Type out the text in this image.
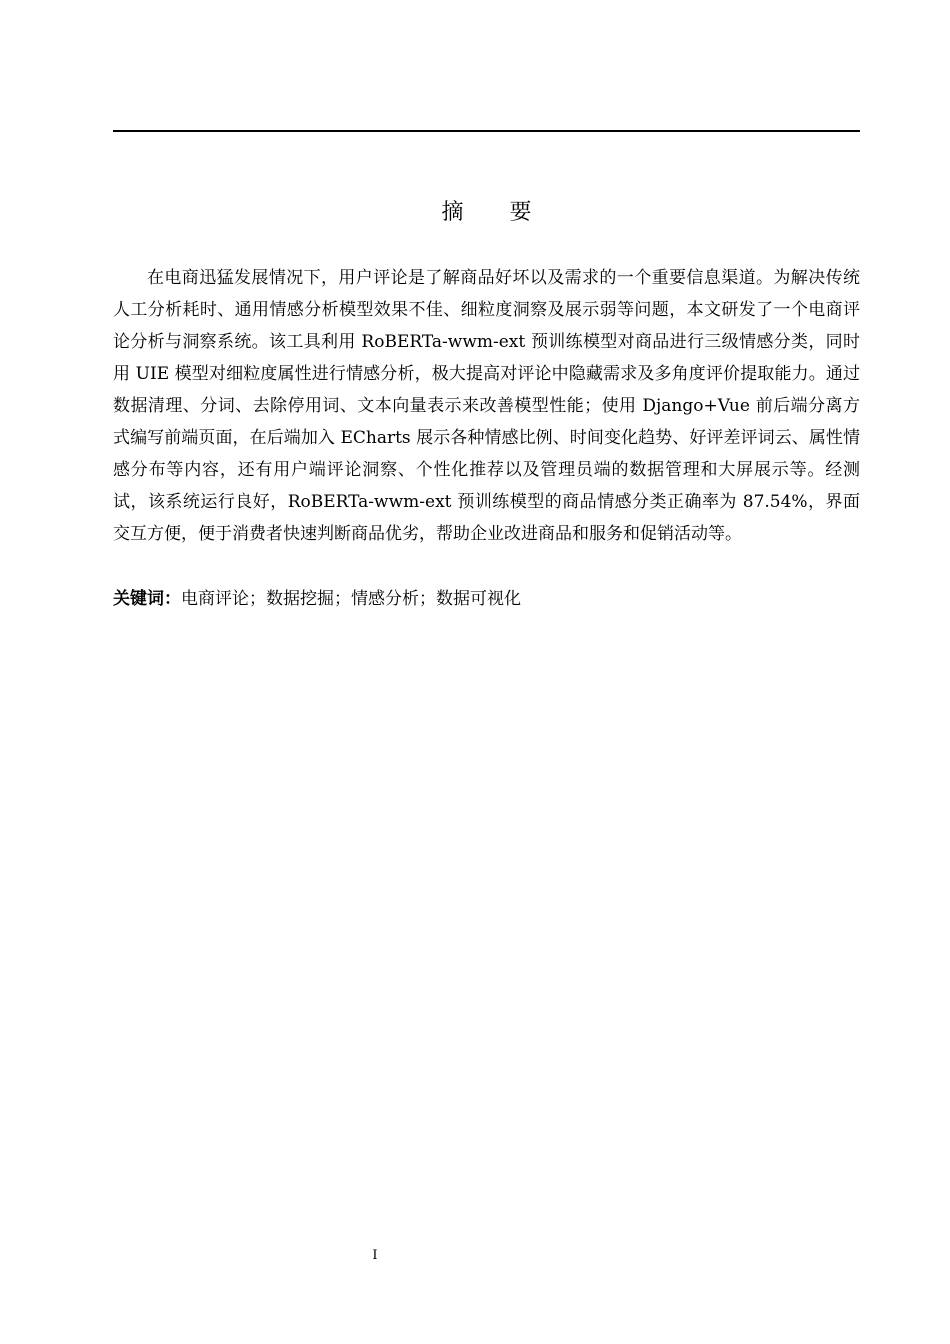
摘　要

在电商迅猛发展情况下，用户评论是了解商品好坏以及需求的一个重要信息渠道。为解决传统人工分析耗时、通用情感分析模型效果不佳、细粒度洞察及展示弱等问题，本文研发了一个电商评论分析与洞察系统。该工具利用 RoBERTa-wwm-ext 预训练模型对商品进行三级情感分类，同时用 UIE 模型对细粒度属性进行情感分析，极大提高对评论中隐藏需求及多角度评价提取能力。通过数据清理、分词、去除停用词、文本向量表示来改善模型性能；使用 Django+Vue 前后端分离方式编写前端页面，在后端加入 ECharts 展示各种情感比例、时间变化趋势、好评差评词云、属性情感分布等内容，还有用户端评论洞察、个性化推荐以及管理员端的数据管理和大屏展示等。经测试，该系统运行良好，RoBERTa-wwm-ext 预训练模型的商品情感分类正确率为 87.54%，界面交互方便，便于消费者快速判断商品优劣，帮助企业改进商品和服务和促销活动等。

关键词：电商评论；数据挖掘；情感分析；数据可视化

I
